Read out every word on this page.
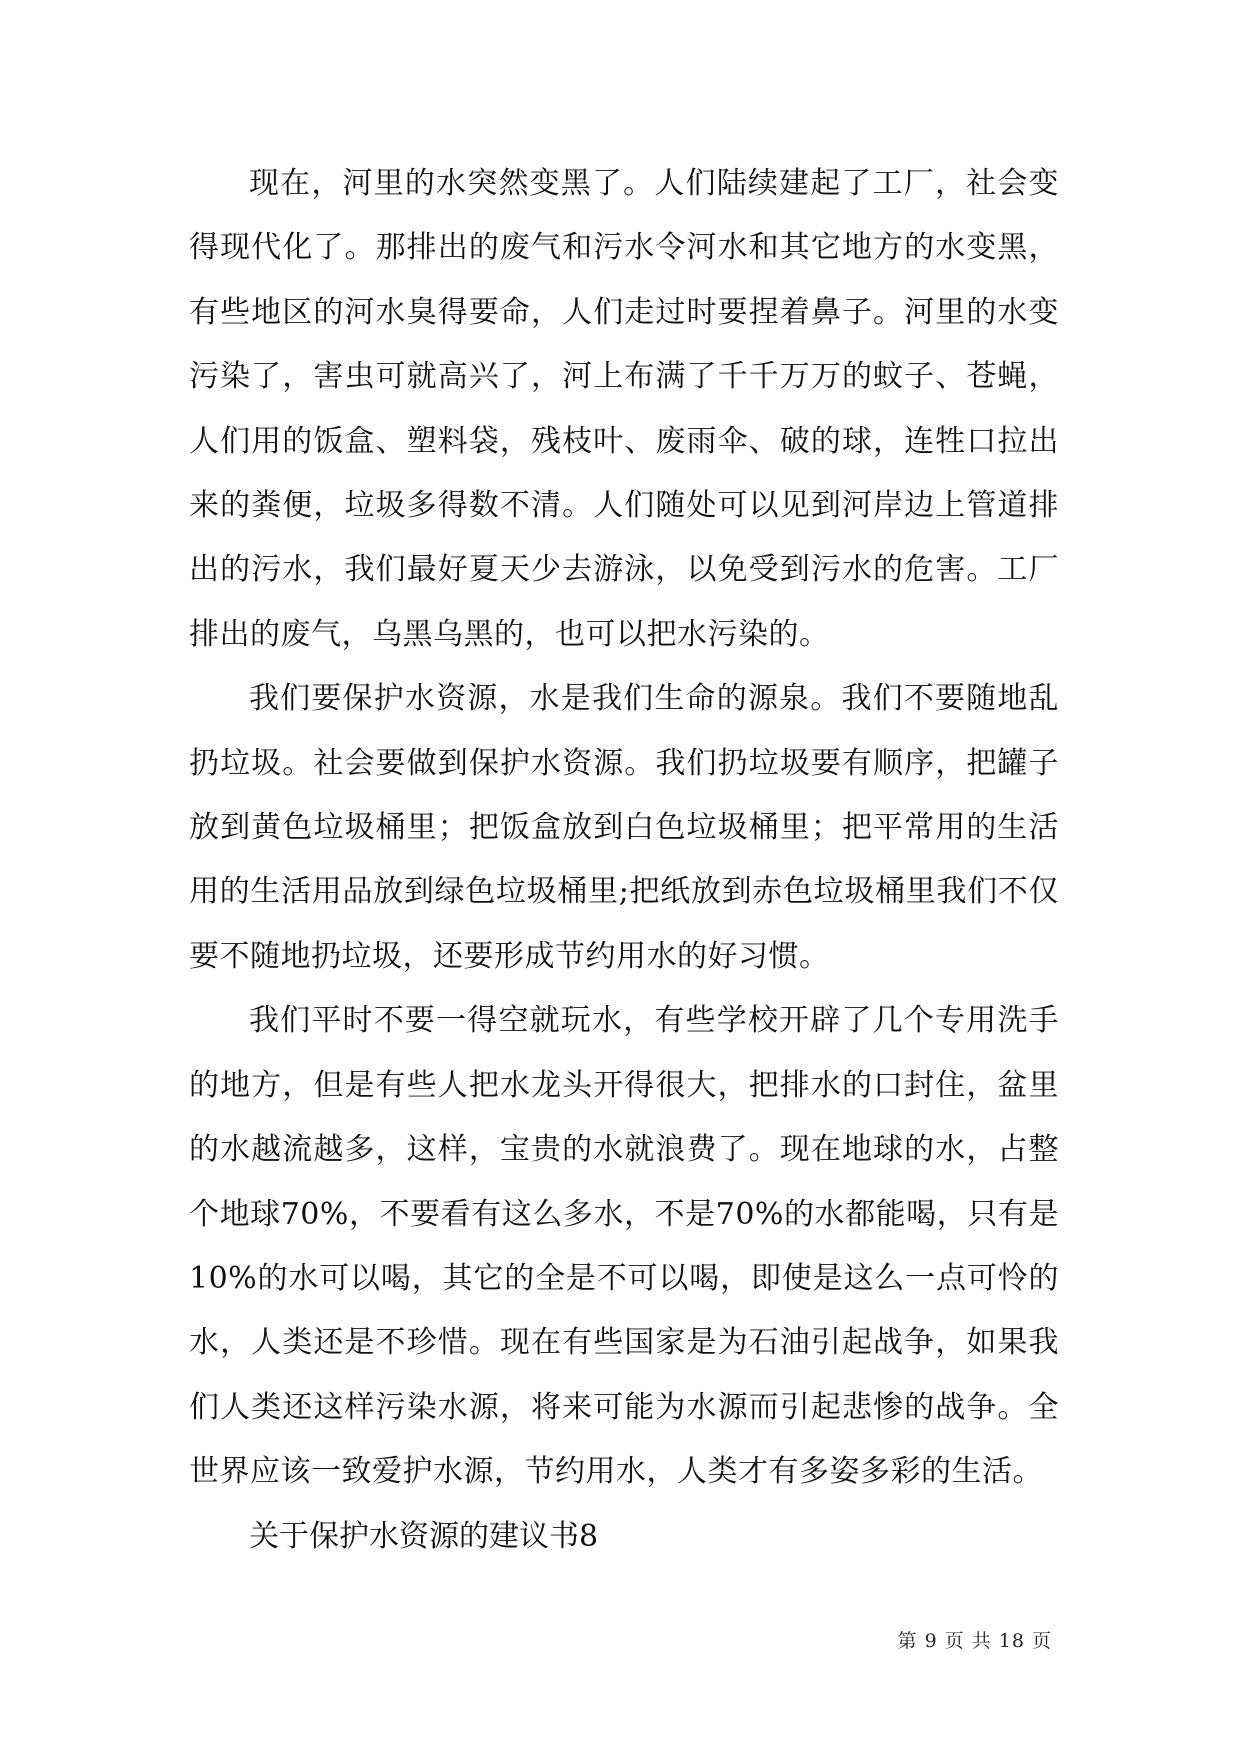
现在，河里的水突然变黑了。人们陆续建起了工厂，社会变得现代化了。那排出的废气和污水令河水和其它地方的水变黑，有些地区的河水臭得要命，人们走过时要捏着鼻子。河里的水变污染了，害虫可就高兴了，河上布满了千千万万的蚊子、苍蝇，人们用的饭盒、塑料袋，残枝叶、废雨伞、破的球，连牲口拉出来的粪便，垃圾多得数不清。人们随处可以见到河岸边上管道排出的污水，我们最好夏天少去游泳，以免受到污水的危害。工厂排出的废气，乌黑乌黑的，也可以把水污染的。

我们要保护水资源，水是我们生命的源泉。我们不要随地乱扔垃圾。社会要做到保护水资源。我们扔垃圾要有顺序，把罐子放到黄色垃圾桶里；把饭盒放到白色垃圾桶里；把平常用的生活用的生活用品放到绿色垃圾桶里;把纸放到赤色垃圾桶里我们不仅要不随地扔垃圾，还要形成节约用水的好习惯。

我们平时不要一得空就玩水，有些学校开辟了几个专用洗手的地方，但是有些人把水龙头开得很大，把排水的口封住，盆里的水越流越多，这样，宝贵的水就浪费了。现在地球的水，占整个地球70%，不要看有这么多水，不是70%的水都能喝，只有是10%的水可以喝，其它的全是不可以喝，即使是这么一点可怜的水，人类还是不珍惜。现在有些国家是为石油引起战争，如果我们人类还这样污染水源，将来可能为水源而引起悲惨的战争。全世界应该一致爱护水源，节约用水，人类才有多姿多彩的生活。

关于保护水资源的建议书8

第 9 页 共 18 页
